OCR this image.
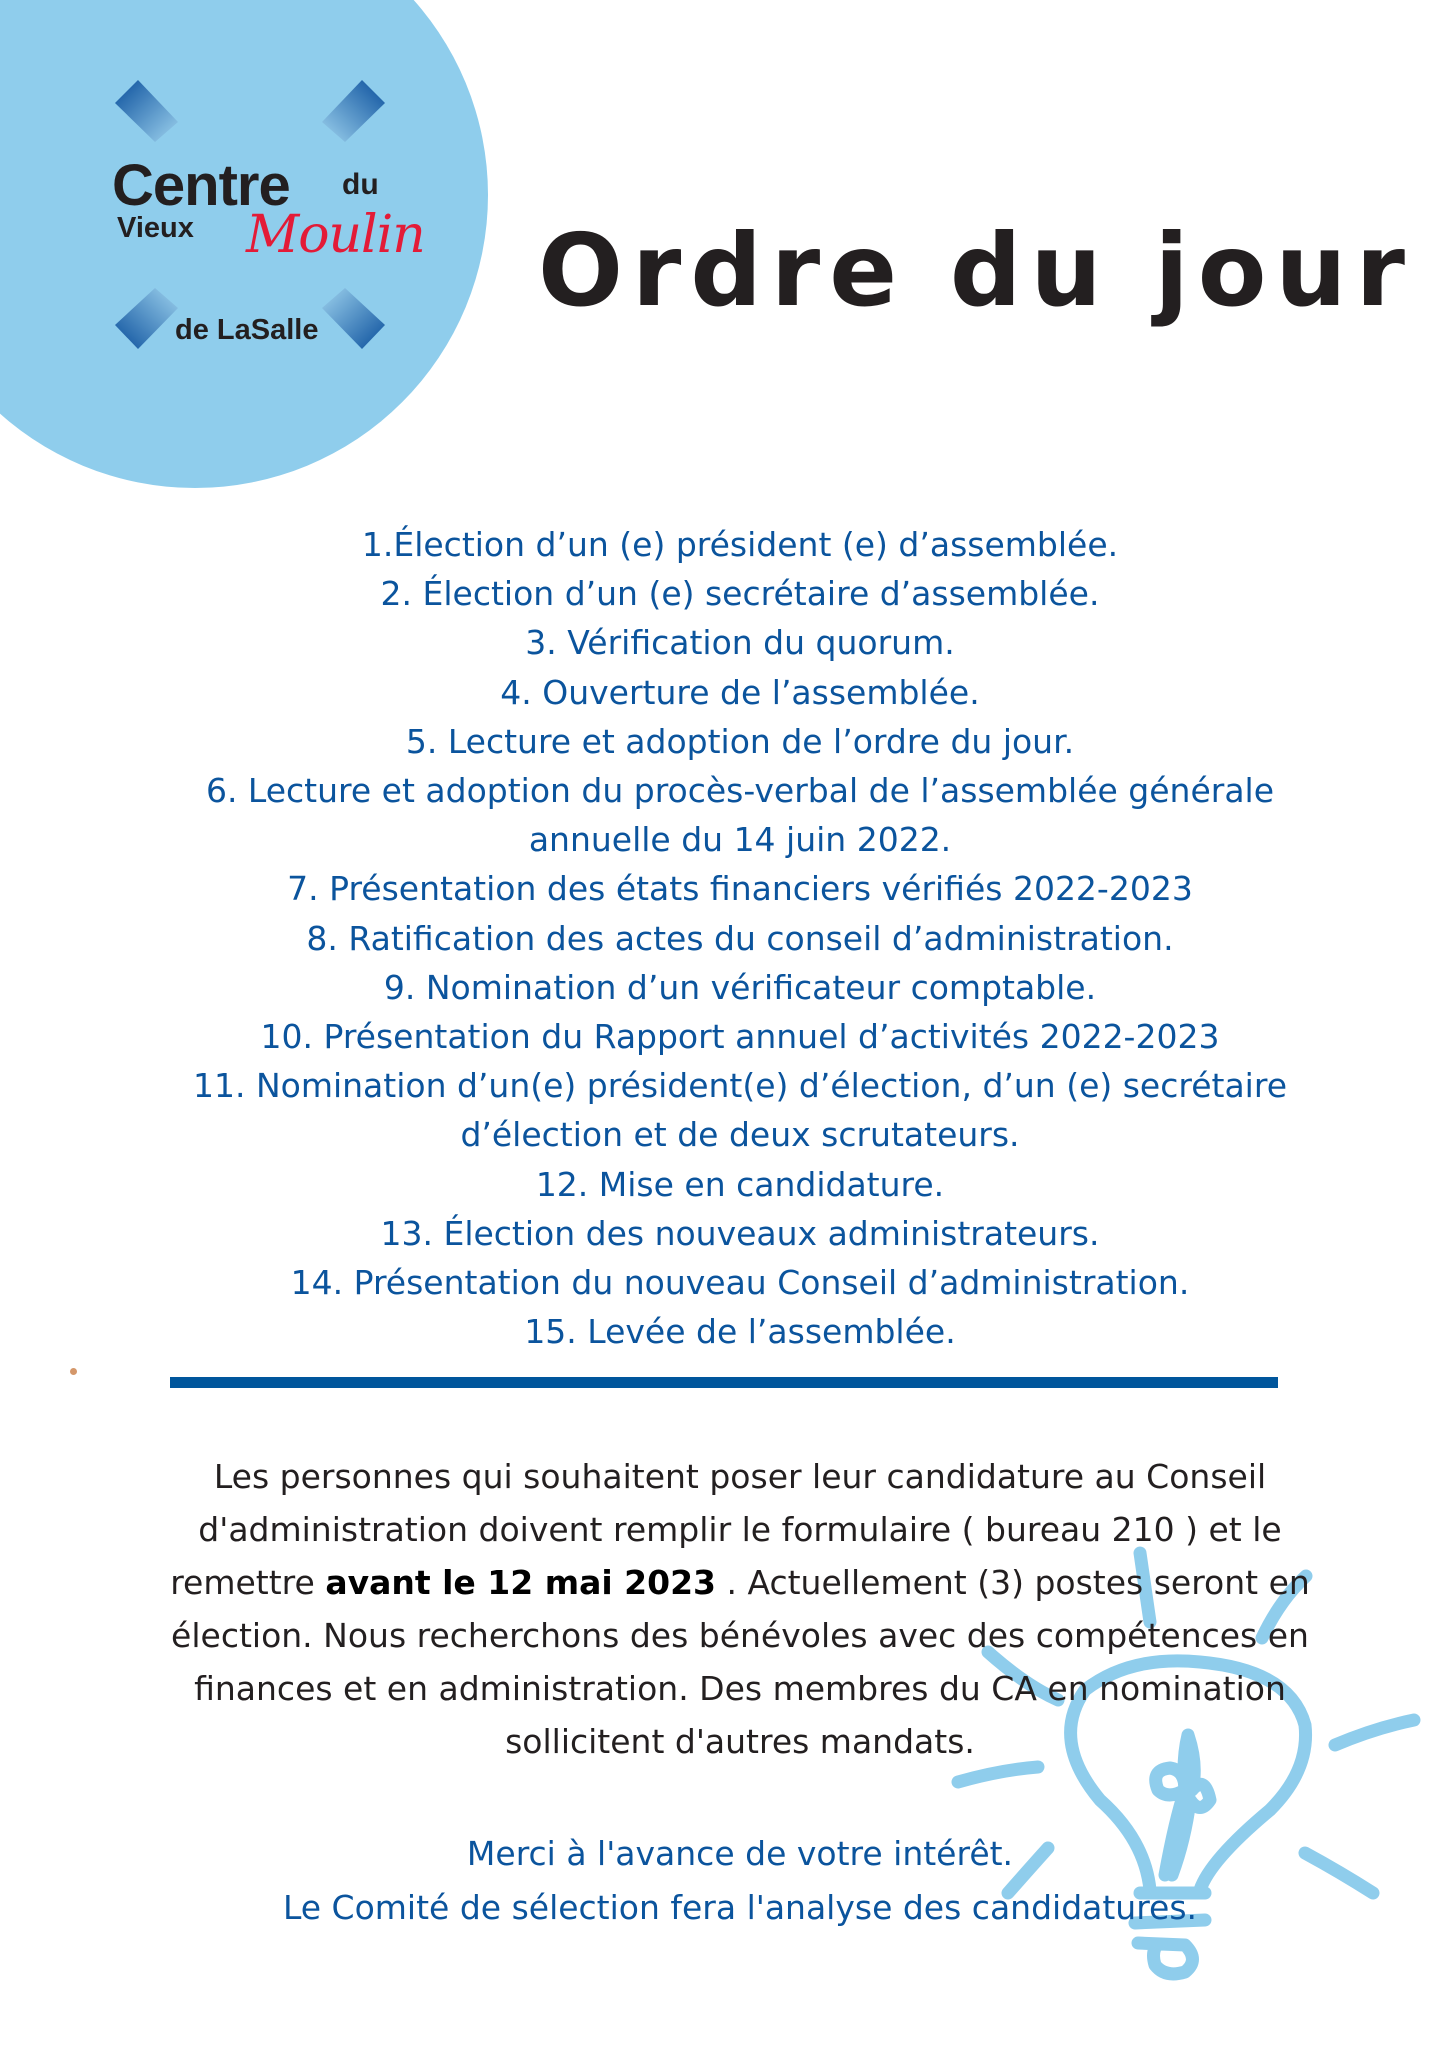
Centre du
Vieux Moulin
de LaSalle
Ordre du jour
1.Élection d’un (e) président (e) d’assemblée.
2. Élection d’un (e) secrétaire d’assemblée.
3. Vérification du quorum.
4. Ouverture de l’assemblée.
5. Lecture et adoption de l’ordre du jour.
6. Lecture et adoption du procès-verbal de l’assemblée générale
annuelle du 14 juin 2022.
7. Présentation des états financiers vérifiés 2022-2023
8. Ratification des actes du conseil d’administration.
9. Nomination d’un vérificateur comptable.
10. Présentation du Rapport annuel d’activités 2022-2023
11. Nomination d’un(e) président(e) d’élection, d’un (e) secrétaire
d’élection et de deux scrutateurs.
12. Mise en candidature.
13. Élection des nouveaux administrateurs.
14. Présentation du nouveau Conseil d’administration.
15. Levée de l’assemblée.
Les personnes qui souhaitent poser leur candidature au Conseil
d'administration doivent remplir le formulaire ( bureau 210 ) et le
remettre avant le 12 mai 2023 . Actuellement (3) postes seront en
élection. Nous recherchons des bénévoles avec des compétences en
finances et en administration. Des membres du CA en nomination
sollicitent d'autres mandats.
Merci à l'avance de votre intérêt.
Le Comité de sélection fera l'analyse des candidatures.
